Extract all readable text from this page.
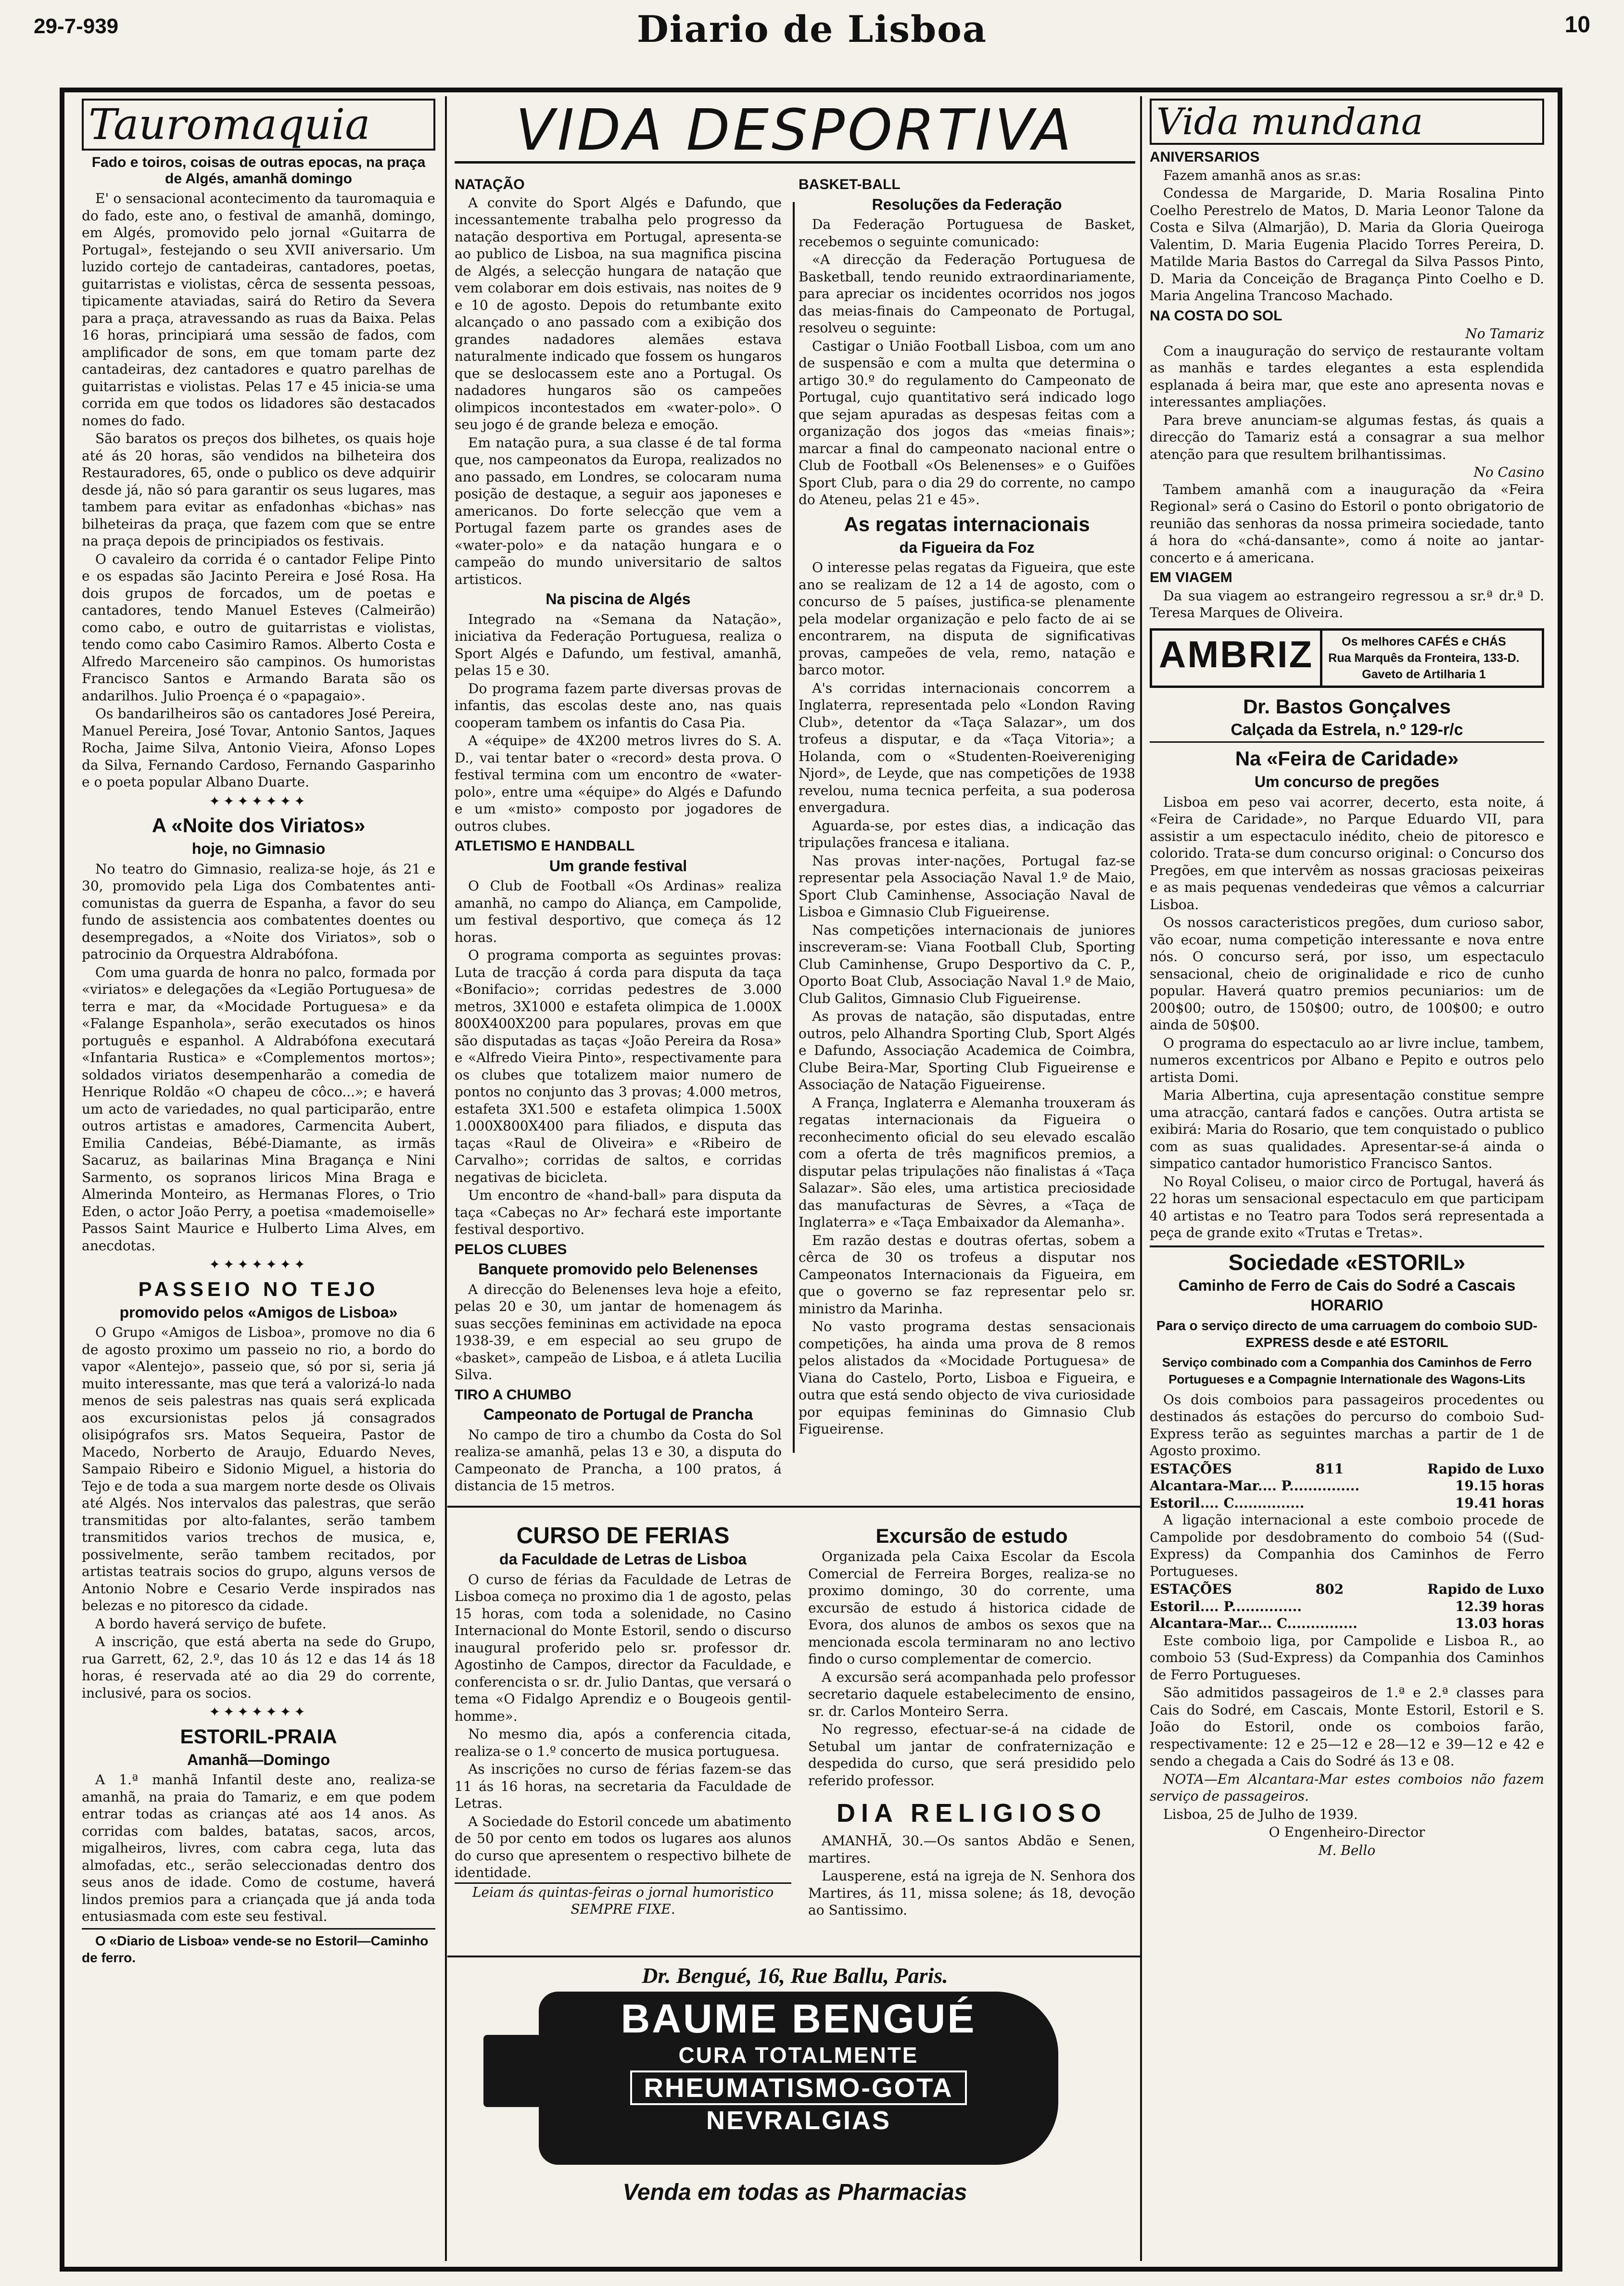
29-7-939	Diario de Lisboa	10
Tauromaquia
Fado e toiros, coisas de outras epocas, na praça de Algés, amanhã domingo

E' o sensacional acontecimento da tauromaquia e do fado, este ano, o festival de amanhã, domingo, em Algés, promovido pelo jornal «Guitarra de Portugal», festejando o seu XVII aniversario. Um luzido cortejo de cantadeiras, cantadores, poetas, guitarristas e violistas, cêrca de sessenta pessoas, tipicamente ataviadas, sairá do Retiro da Severa para a praça, atravessando as ruas da Baixa. Pelas 16 horas, principiará uma sessão de fados, com amplificador de sons, em que tomam parte dez cantadeiras, dez cantadores e quatro parelhas de guitarristas e violistas. Pelas 17 e 45 inicia-se uma corrida em que todos os lidadores são destacados nomes do fado.

São baratos os preços dos bilhetes, os quais hoje até ás 20 horas, são vendidos na bilheteira dos Restauradores, 65, onde o publico os deve adquirir desde já, não só para garantir os seus lugares, mas tambem para evitar as enfadonhas «bichas» nas bilheteiras da praça, que fazem com que se entre na praça depois de principiados os festivais.

O cavaleiro da corrida é o cantador Felipe Pinto e os espadas são Jacinto Pereira e José Rosa. Ha dois grupos de forcados, um de poetas e cantadores, tendo Manuel Esteves (Calmeirão) como cabo, e outro de guitarristas e violistas, tendo como cabo Casimiro Ramos. Alberto Costa e Alfredo Marceneiro são campinos. Os humoristas Francisco Santos e Armando Barata são os andarilhos. Julio Proença é o «papagaio».

Os bandarilheiros são os cantadores José Pereira, Manuel Pereira, José Tovar, Antonio Santos, Jaques Rocha, Jaime Silva, Antonio Vieira, Afonso Lopes da Silva, Fernando Cardoso, Fernando Gasparinho e o poeta popular Albano Duarte.

✦✦✦✦✦✦✦
A «Noite dos Viriatos»
hoje, no Gimnasio

No teatro do Gimnasio, realiza-se hoje, ás 21 e 30, promovido pela Liga dos Combatentes anti-comunistas da guerra de Espanha, a favor do seu fundo de assistencia aos combatentes doentes ou desempregados, a «Noite dos Viriatos», sob o patrocinio da Orquestra Aldrabófona.

Com uma guarda de honra no palco, formada por «viriatos» e delegações da «Legião Portuguesa» de terra e mar, da «Mocidade Portuguesa» e da «Falange Espanhola», serão executados os hinos português e espanhol. A Aldrabófona executará «Infantaria Rustica» e «Complementos mortos»; soldados viriatos desempenharão a comedia de Henrique Roldão «O chapeu de côco...»; e haverá um acto de variedades, no qual participarão, entre outros artistas e amadores, Carmencita Aubert, Emilia Candeias, Bébé-Diamante, as irmãs Sacaruz, as bailarinas Mina Bragança e Nini Sarmento, os sopranos liricos Mina Braga e Almerinda Monteiro, as Hermanas Flores, o Trio Eden, o actor João Perry, a poetisa «mademoiselle» Passos Saint Maurice e Hulberto Lima Alves, em anecdotas.

✦✦✦✦✦✦✦
PASSEIO NO TEJO
promovido pelos «Amigos de Lisboa»

O Grupo «Amigos de Lisboa», promove no dia 6 de agosto proximo um passeio no rio, a bordo do vapor «Alentejo», passeio que, só por si, seria já muito interessante, mas que terá a valorizá-lo nada menos de seis palestras nas quais será explicada aos excursionistas pelos já consagrados olisipógrafos srs. Matos Sequeira, Pastor de Macedo, Norberto de Araujo, Eduardo Neves, Sampaio Ribeiro e Sidonio Miguel, a historia do Tejo e de toda a sua margem norte desde os Olivais até Algés. Nos intervalos das palestras, que serão transmitidas por alto-falantes, serão tambem transmitidos varios trechos de musica, e, possivelmente, serão tambem recitados, por artistas teatrais socios do grupo, alguns versos de Antonio Nobre e Cesario Verde inspirados nas belezas e no pitoresco da cidade.

A bordo haverá serviço de bufete.

A inscrição, que está aberta na sede do Grupo, rua Garrett, 62, 2.º, das 10 ás 12 e das 14 ás 18 horas, é reservada até ao dia 29 do corrente, inclusivé, para os socios.

✦✦✦✦✦✦✦
ESTORIL-PRAIA
Amanhã—Domingo

A 1.ª manhã Infantil deste ano, realiza-se amanhã, na praia do Tamariz, e em que podem entrar todas as crianças até aos 14 anos. As corridas com baldes, batatas, sacos, arcos, migalheiros, livres, com cabra cega, luta das almofadas, etc., serão seleccionadas dentro dos seus anos de idade. Como de costume, haverá lindos premios para a criançada que já anda toda entusiasmada com este seu festival.

O «Diario de Lisboa» vende-se no Estoril—Caminho de ferro.

VIDA DESPORTIVA
NATAÇÃO

A convite do Sport Algés e Dafundo, que incessantemente trabalha pelo progresso da natação desportiva em Portugal, apresenta-se ao publico de Lisboa, na sua magnifica piscina de Algés, a selecção hungara de natação que vem colaborar em dois estivais, nas noites de 9 e 10 de agosto. Depois do retumbante exito alcançado o ano passado com a exibição dos grandes nadadores alemães estava naturalmente indicado que fossem os hungaros que se deslocassem este ano a Portugal. Os nadadores hungaros são os campeões olimpicos incontestados em «water-polo». O seu jogo é de grande beleza e emoção.

Em natação pura, a sua classe é de tal forma que, nos campeonatos da Europa, realizados no ano passado, em Londres, se colocaram numa posição de destaque, a seguir aos japoneses e americanos. Do forte selecção que vem a Portugal fazem parte os grandes ases de «water-polo» e da natação hungara e o campeão do mundo universitario de saltos artisticos.

Na piscina de Algés

Integrado na «Semana da Natação», iniciativa da Federação Portuguesa, realiza o Sport Algés e Dafundo, um festival, amanhã, pelas 15 e 30.

Do programa fazem parte diversas provas de infantis, das escolas deste ano, nas quais cooperam tambem os infantis do Casa Pia.

A «équipe» de 4X200 metros livres do S. A. D., vai tentar bater o «record» desta prova. O festival termina com um encontro de «water-polo», entre uma «équipe» do Algés e Dafundo e um «misto» composto por jogadores de outros clubes.

ATLETISMO E HANDBALL
Um grande festival

O Club de Football «Os Ardinas» realiza amanhã, no campo do Aliança, em Campolide, um festival desportivo, que começa ás 12 horas.

O programa comporta as seguintes provas: Luta de tracção á corda para disputa da taça «Bonifacio»; corridas pedestres de 3.000 metros, 3X1000 e estafeta olimpica de 1.000X 800X400X200 para populares, provas em que são disputadas as taças «João Pereira da Rosa» e «Alfredo Vieira Pinto», respectivamente para os clubes que totalizem maior numero de pontos no conjunto das 3 provas; 4.000 metros, estafeta 3X1.500 e estafeta olimpica 1.500X 1.000X800X400 para filiados, e disputa das taças «Raul de Oliveira» e «Ribeiro de Carvalho»; corridas de saltos, e corridas negativas de bicicleta.

Um encontro de «hand-ball» para disputa da taça «Cabeças no Ar» fechará este importante festival desportivo.

PELOS CLUBES
Banquete promovido pelo Belenenses

A direcção do Belenenses leva hoje a efeito, pelas 20 e 30, um jantar de homenagem ás suas secções femininas em actividade na epoca 1938-39, e em especial ao seu grupo de «basket», campeão de Lisboa, e á atleta Lucilia Silva.

TIRO A CHUMBO
Campeonato de Portugal de Prancha

No campo de tiro a chumbo da Costa do Sol realiza-se amanhã, pelas 13 e 30, a disputa do Campeonato de Prancha, a 100 pratos, á distancia de 15 metros.

BASKET-BALL
Resoluções da Federação

Da Federação Portuguesa de Basket, recebemos o seguinte comunicado:

«A direcção da Federação Portuguesa de Basketball, tendo reunido extraordinariamente, para apreciar os incidentes ocorridos nos jogos das meias-finais do Campeonato de Portugal, resolveu o seguinte:

Castigar o União Football Lisboa, com um ano de suspensão e com a multa que determina o artigo 30.º do regulamento do Campeonato de Portugal, cujo quantitativo será indicado logo que sejam apuradas as despesas feitas com a organização dos jogos das «meias finais»; marcar a final do campeonato nacional entre o Club de Football «Os Belenenses» e o Guifões Sport Club, para o dia 29 do corrente, no campo do Ateneu, pelas 21 e 45».

As regatas internacionais
da Figueira da Foz

O interesse pelas regatas da Figueira, que este ano se realizam de 12 a 14 de agosto, com o concurso de 5 países, justifica-se plenamente pela modelar organização e pelo facto de ai se encontrarem, na disputa de significativas provas, campeões de vela, remo, natação e barco motor.

A's corridas internacionais concorrem a Inglaterra, representada pelo «London Raving Club», detentor da «Taça Salazar», um dos trofeus a disputar, e da «Taça Vitoria»; a Holanda, com o «Studenten-Roeivereniging Njord», de Leyde, que nas competições de 1938 revelou, numa tecnica perfeita, a sua poderosa envergadura.

Aguarda-se, por estes dias, a indicação das tripulações francesa e italiana.

Nas provas inter-nações, Portugal faz-se representar pela Associação Naval 1.º de Maio, Sport Club Caminhense, Associação Naval de Lisboa e Gimnasio Club Figueirense.

Nas competições internacionais de juniores inscreveram-se: Viana Football Club, Sporting Club Caminhense, Grupo Desportivo da C. P., Oporto Boat Club, Associação Naval 1.º de Maio, Club Galitos, Gimnasio Club Figueirense.

As provas de natação, são disputadas, entre outros, pelo Alhandra Sporting Club, Sport Algés e Dafundo, Associação Academica de Coimbra, Clube Beira-Mar, Sporting Club Figueirense e Associação de Natação Figueirense.

A França, Inglaterra e Alemanha trouxeram ás regatas internacionais da Figueira o reconhecimento oficial do seu elevado escalão com a oferta de três magnificos premios, a disputar pelas tripulações não finalistas á «Taça Salazar». São eles, uma artistica preciosidade das manufacturas de Sèvres, a «Taça de Inglaterra» e «Taça Embaixador da Alemanha».

Em razão destas e doutras ofertas, sobem a cêrca de 30 os trofeus a disputar nos Campeonatos Internacionais da Figueira, em que o governo se faz representar pelo sr. ministro da Marinha.

No vasto programa destas sensacionais competições, ha ainda uma prova de 8 remos pelos alistados da «Mocidade Portuguesa» de Viana do Castelo, Porto, Lisboa e Figueira, e outra que está sendo objecto de viva curiosidade por equipas femininas do Gimnasio Club Figueirense.

CURSO DE FERIAS
da Faculdade de Letras de Lisboa

O curso de férias da Faculdade de Letras de Lisboa começa no proximo dia 1 de agosto, pelas 15 horas, com toda a solenidade, no Casino Internacional do Monte Estoril, sendo o discurso inaugural proferido pelo sr. professor dr. Agostinho de Campos, director da Faculdade, e conferencista o sr. dr. Julio Dantas, que versará o tema «O Fidalgo Aprendiz e o Bougeois gentil-homme».

No mesmo dia, após a conferencia citada, realiza-se o 1.º concerto de musica portuguesa.

As inscrições no curso de férias fazem-se das 11 ás 16 horas, na secretaria da Faculdade de Letras.

A Sociedade do Estoril concede um abatimento de 50 por cento em todos os lugares aos alunos do curso que apresentem o respectivo bilhete de identidade.

Leiam ás quintas-feiras o jornal humoristico SEMPRE FIXE.

Excursão de estudo

Organizada pela Caixa Escolar da Escola Comercial de Ferreira Borges, realiza-se no proximo domingo, 30 do corrente, uma excursão de estudo á historica cidade de Evora, dos alunos de ambos os sexos que na mencionada escola terminaram no ano lectivo findo o curso complementar de comercio.

A excursão será acompanhada pelo professor secretario daquele estabelecimento de ensino, sr. dr. Carlos Monteiro Serra.

No regresso, efectuar-se-á na cidade de Setubal um jantar de confraternização e despedida do curso, que será presidido pelo referido professor.

DIA RELIGIOSO

AMANHÃ, 30.—Os santos Abdão e Senen, martires.

Lausperene, está na igreja de N. Senhora dos Martires, ás 11, missa solene; ás 18, devoção ao Santissimo.

Dr. Bengué, 16, Rue Ballu, Paris.
BAUME BENGUÉ
CURA TOTALMENTE
RHEUMATISMO-GOTA
NEVRALGIAS
Venda em todas as Pharmacias
Vida mundana
ANIVERSARIOS

Fazem amanhã anos as sr.as:

Condessa de Margaride, D. Maria Rosalina Pinto Coelho Perestrelo de Matos, D. Maria Leonor Talone da Costa e Silva (Almarjão), D. Maria da Gloria Queiroga Valentim, D. Maria Eugenia Placido Torres Pereira, D. Matilde Maria Bastos do Carregal da Silva Passos Pinto, D. Maria da Conceição de Bragança Pinto Coelho e D. Maria Angelina Trancoso Machado.

NA COSTA DO SOL

No Tamariz

Com a inauguração do serviço de restaurante voltam as manhãs e tardes elegantes a esta esplendida esplanada á beira mar, que este ano apresenta novas e interessantes ampliações.

Para breve anunciam-se algumas festas, ás quais a direcção do Tamariz está a consagrar a sua melhor atenção para que resultem brilhantissimas.

No Casino

Tambem amanhã com a inauguração da «Feira Regional» será o Casino do Estoril o ponto obrigatorio de reunião das senhoras da nossa primeira sociedade, tanto á hora do «chá-dansante», como á noite ao jantar-concerto e á americana.

EM VIAGEM

Da sua viagem ao estrangeiro regressou a sr.ª dr.ª D. Teresa Marques de Oliveira.

AMBRIZ	Os melhores CAFÉS e CHÁS
Rua Marquês da Fronteira, 133-D.
Gaveto de Artilharia 1
Dr. Bastos Gonçalves
Calçada da Estrela, n.º 129-r/c
Na «Feira de Caridade»
Um concurso de pregões

Lisboa em peso vai acorrer, decerto, esta noite, á «Feira de Caridade», no Parque Eduardo VII, para assistir a um espectaculo inédito, cheio de pitoresco e colorido. Trata-se dum concurso original: o Concurso dos Pregões, em que intervêm as nossas graciosas peixeiras e as mais pequenas vendedeiras que vêmos a calcurriar Lisboa.

Os nossos caracteristicos pregões, dum curioso sabor, vão ecoar, numa competição interessante e nova entre nós. O concurso será, por isso, um espectaculo sensacional, cheio de originalidade e rico de cunho popular. Haverá quatro premios pecuniarios: um de 200$00; outro, de 150$00; outro, de 100$00; e outro ainda de 50$00.

O programa do espectaculo ao ar livre inclue, tambem, numeros excentricos por Albano e Pepito e outros pelo artista Domi.

Maria Albertina, cuja apresentação constitue sempre uma atracção, cantará fados e canções. Outra artista se exibirá: Maria do Rosario, que tem conquistado o publico com as suas qualidades. Apresentar-se-á ainda o simpatico cantador humoristico Francisco Santos.

No Royal Coliseu, o maior circo de Portugal, haverá ás 22 horas um sensacional espectaculo em que participam 40 artistas e no Teatro para Todos será representada a peça de grande exito «Trutas e Tretas».

Sociedade «ESTORIL»
Caminho de Ferro de Cais do Sodré a Cascais
HORARIO
Para o serviço directo de uma carruagem do comboio SUD-EXPRESS desde e até ESTORIL
Serviço combinado com a Companhia dos Caminhos de Ferro Portugueses e a Compagnie Internationale des Wagons-Lits

Os dois comboios para passageiros procedentes ou destinados ás estações do percurso do comboio Sud-Express terão as seguintes marchas a partir de 1 de Agosto proximo.

ESTAÇÕES	811	Rapido de Luxo
Alcantara-Mar.... P...............	19.15 horas
Estoril.... C...............	19.41 horas

A ligação internacional a este comboio procede de Campolide por desdobramento do comboio 54 ((Sud-Express) da Companhia dos Caminhos de Ferro Portugueses.

ESTAÇÕES	802	Rapido de Luxo
Estoril.... P...............	12.39 horas
Alcantara-Mar... C...............	13.03 horas

Este comboio liga, por Campolide e Lisboa R., ao comboio 53 (Sud-Express) da Companhia dos Caminhos de Ferro Portugueses.

São admitidos passageiros de 1.ª e 2.ª classes para Cais do Sodré, em Cascais, Monte Estoril, Estoril e S. João do Estoril, onde os comboios farão, respectivamente: 12 e 25—12 e 28—12 e 39—12 e 42 e sendo a chegada a Cais do Sodré ás 13 e 08.

NOTA—Em Alcantara-Mar estes comboios não fazem serviço de passageiros.

Lisboa, 25 de Julho de 1939.

O Engenheiro-Director

M. Bello
